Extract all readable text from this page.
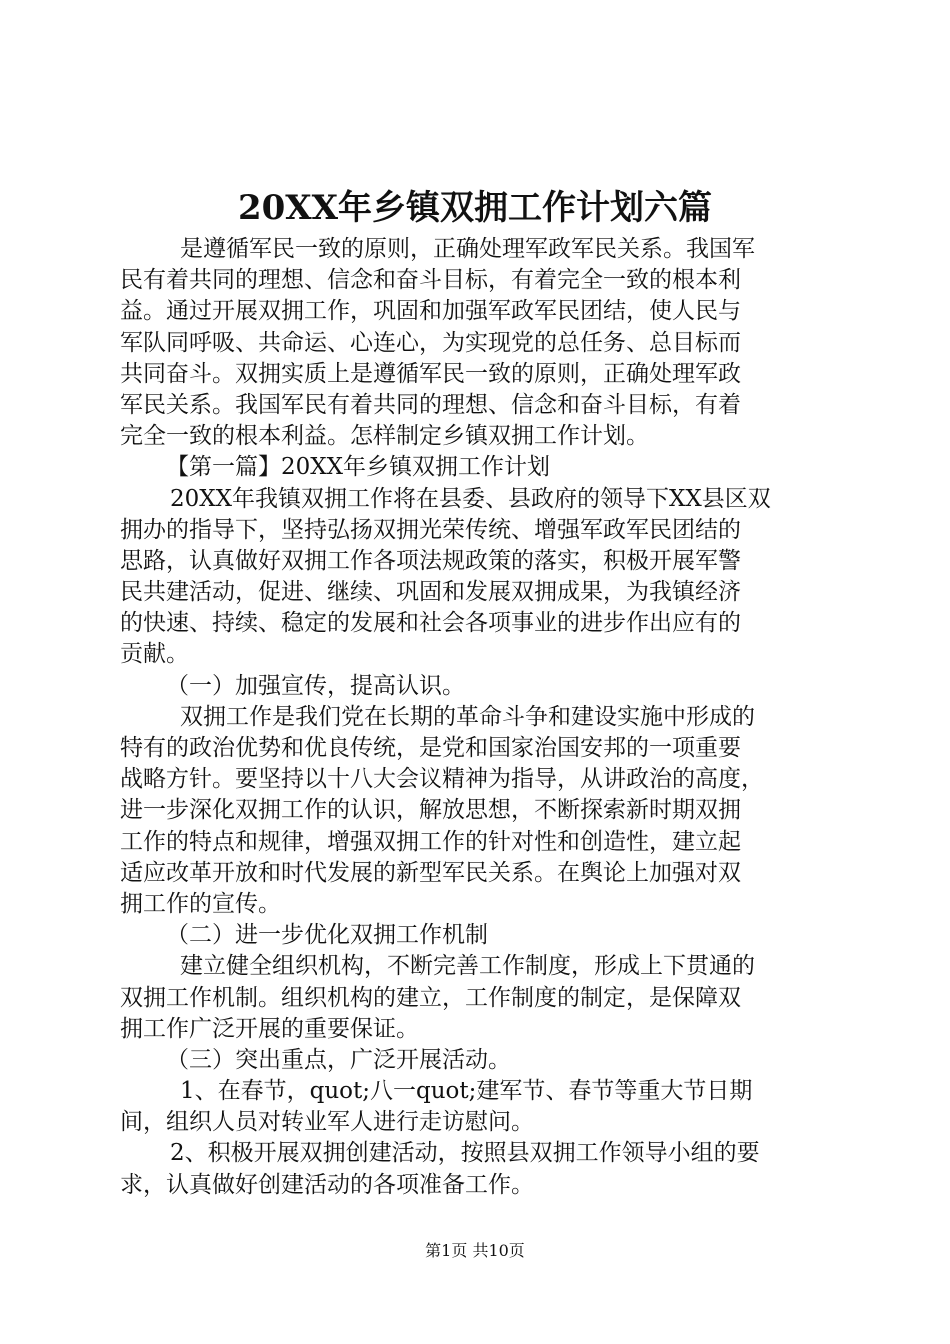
20XX年乡镇双拥工作计划六篇
是遵循军民一致的原则，正确处理军政军民关系。我国军
民有着共同的理想、信念和奋斗目标，有着完全一致的根本利
益。通过开展双拥工作，巩固和加强军政军民团结，使人民与
军队同呼吸、共命运、心连心，为实现党的总任务、总目标而
共同奋斗。双拥实质上是遵循军民一致的原则，正确处理军政
军民关系。我国军民有着共同的理想、信念和奋斗目标，有着
完全一致的根本利益。怎样制定乡镇双拥工作计划。
【第一篇】20XX年乡镇双拥工作计划
20XX年我镇双拥工作将在县委、县政府的领导下XX县区双
拥办的指导下，坚持弘扬双拥光荣传统、增强军政军民团结的
思路，认真做好双拥工作各项法规政策的落实，积极开展军警
民共建活动，促进、继续、巩固和发展双拥成果，为我镇经济
的快速、持续、稳定的发展和社会各项事业的进步作出应有的
贡献。
（一）加强宣传，提高认识。
双拥工作是我们党在长期的革命斗争和建设实施中形成的
特有的政治优势和优良传统，是党和国家治国安邦的一项重要
战略方针。要坚持以十八大会议精神为指导，从讲政治的高度，
进一步深化双拥工作的认识，解放思想，不断探索新时期双拥
工作的特点和规律，增强双拥工作的针对性和创造性，建立起
适应改革开放和时代发展的新型军民关系。在舆论上加强对双
拥工作的宣传。
（二）进一步优化双拥工作机制
建立健全组织机构，不断完善工作制度，形成上下贯通的
双拥工作机制。组织机构的建立，工作制度的制定，是保障双
拥工作广泛开展的重要保证。
（三）突出重点，广泛开展活动。
1、在春节，quot;八一quot;建军节、春节等重大节日期
间，组织人员对转业军人进行走访慰问。
2、积极开展双拥创建活动，按照县双拥工作领导小组的要
求，认真做好创建活动的各项准备工作。
第1页 共10页
